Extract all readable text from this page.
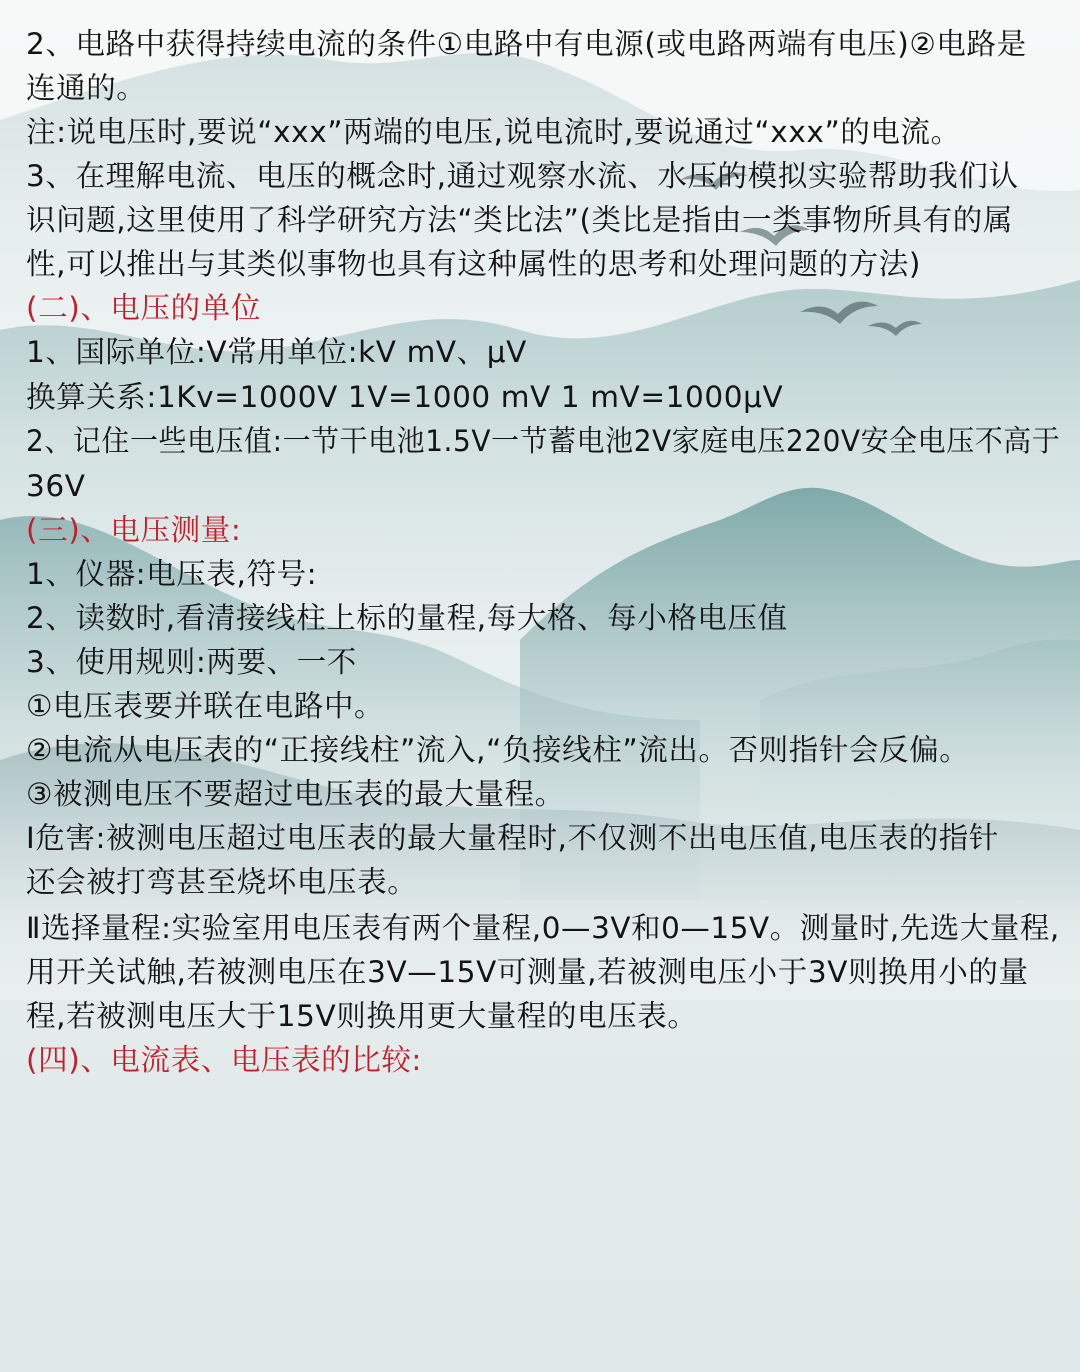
2、电路中获得持续电流的条件①电路中有电源(或电路两端有电压)②电路是

连通的。

注:说电压时,要说“xxx”两端的电压,说电流时,要说通过“xxx”的电流。

3、在理解电流、电压的概念时,通过观察水流、水压的模拟实验帮助我们认

识问题,这里使用了科学研究方法“类比法”(类比是指由一类事物所具有的属

性,可以推出与其类似事物也具有这种属性的思考和处理问题的方法)

(二)、电压的单位

1、国际单位:V常用单位:kV mV、μV

换算关系:1Kv=1000V 1V=1000 mV 1 mV=1000μV

2、记住一些电压值:一节干电池1.5V一节蓄电池2V家庭电压220V安全电压不高于

36V

(三)、电压测量:

1、仪器:电压表,符号:

2、读数时,看清接线柱上标的量程,每大格、每小格电压值

3、使用规则:两要、一不

①电压表要并联在电路中。

②电流从电压表的“正接线柱”流入,“负接线柱”流出。否则指针会反偏。

③被测电压不要超过电压表的最大量程。

Ⅰ危害:被测电压超过电压表的最大量程时,不仅测不出电压值,电压表的指针

还会被打弯甚至烧坏电压表。

Ⅱ选择量程:实验室用电压表有两个量程,0—3V和0—15V。测量时,先选大量程,

用开关试触,若被测电压在3V—15V可测量,若被测电压小于3V则换用小的量

程,若被测电压大于15V则换用更大量程的电压表。

(四)、电流表、电压表的比较:
